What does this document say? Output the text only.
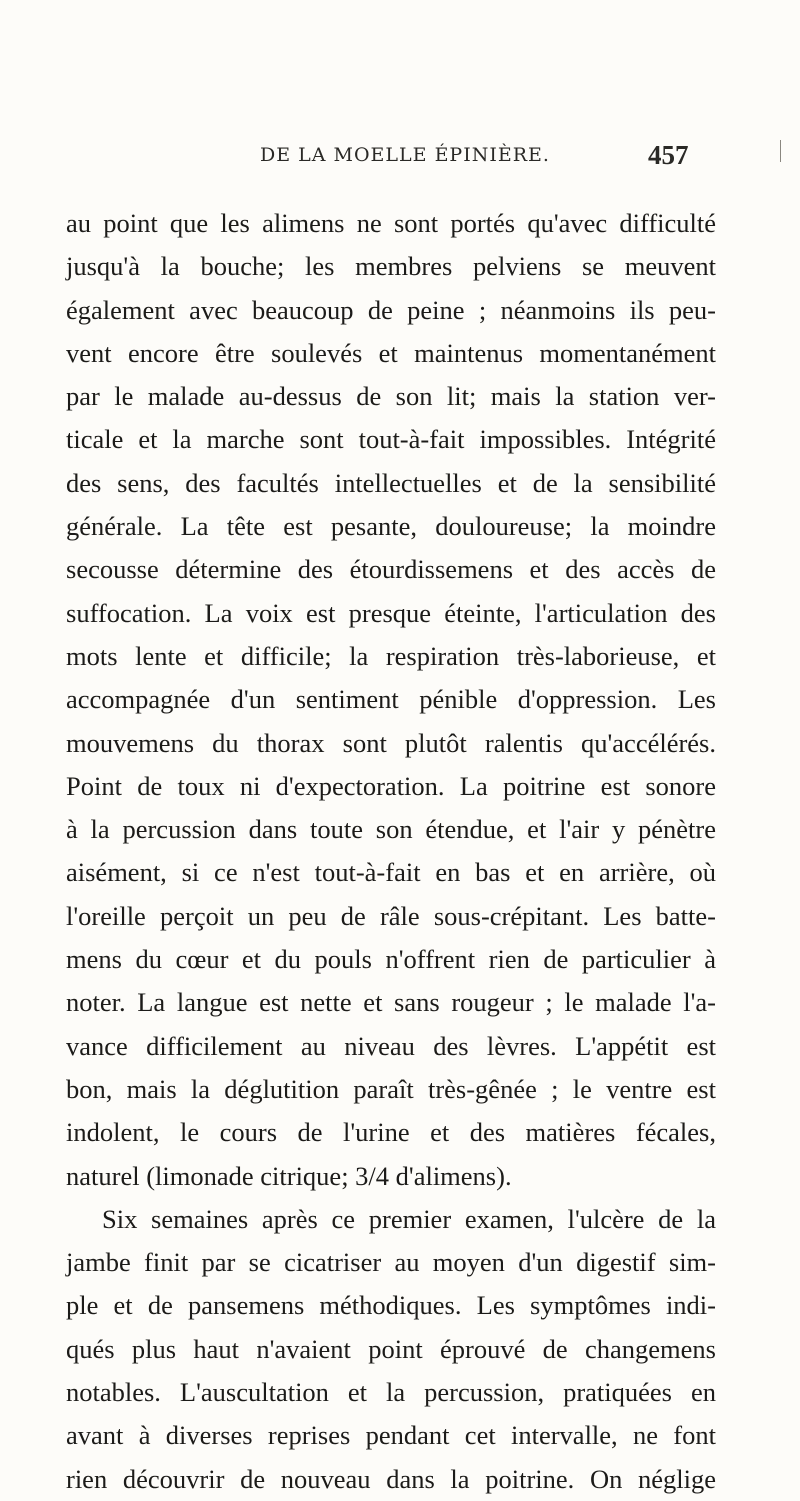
DE LA MOELLE ÉPINIÈRE.	457
au point que les alimens ne sont portés qu'avec difficulté
jusqu'à la bouche; les membres pelviens se meuvent
également avec beaucoup de peine ; néanmoins ils peu-
vent encore être soulevés et maintenus momentanément
par le malade au-dessus de son lit; mais la station ver-
ticale et la marche sont tout-à-fait impossibles. Intégrité
des sens, des facultés intellectuelles et de la sensibilité
générale. La tête est pesante, douloureuse; la moindre
secousse détermine des étourdissemens et des accès de
suffocation. La voix est presque éteinte, l'articulation des
mots lente et difficile; la respiration très-laborieuse, et
accompagnée d'un sentiment pénible d'oppression. Les
mouvemens du thorax sont plutôt ralentis qu'accélérés.
Point de toux ni d'expectoration. La poitrine est sonore
à la percussion dans toute son étendue, et l'air y pénètre
aisément, si ce n'est tout-à-fait en bas et en arrière, où
l'oreille perçoit un peu de râle sous-crépitant. Les batte-
mens du cœur et du pouls n'offrent rien de particulier à
noter. La langue est nette et sans rougeur ; le malade l'a-
vance difficilement au niveau des lèvres. L'appétit est
bon, mais la déglutition paraît très-gênée ; le ventre est
indolent, le cours de l'urine et des matières fécales,
naturel (limonade citrique; 3/4 d'alimens).
Six semaines après ce premier examen, l'ulcère de la
jambe finit par se cicatriser au moyen d'un digestif sim-
ple et de pansemens méthodiques. Les symptômes indi-
qués plus haut n'avaient point éprouvé de changemens
notables. L'auscultation et la percussion, pratiquées en
avant à diverses reprises pendant cet intervalle, ne font
rien découvrir de nouveau dans la poitrine. On néglige
